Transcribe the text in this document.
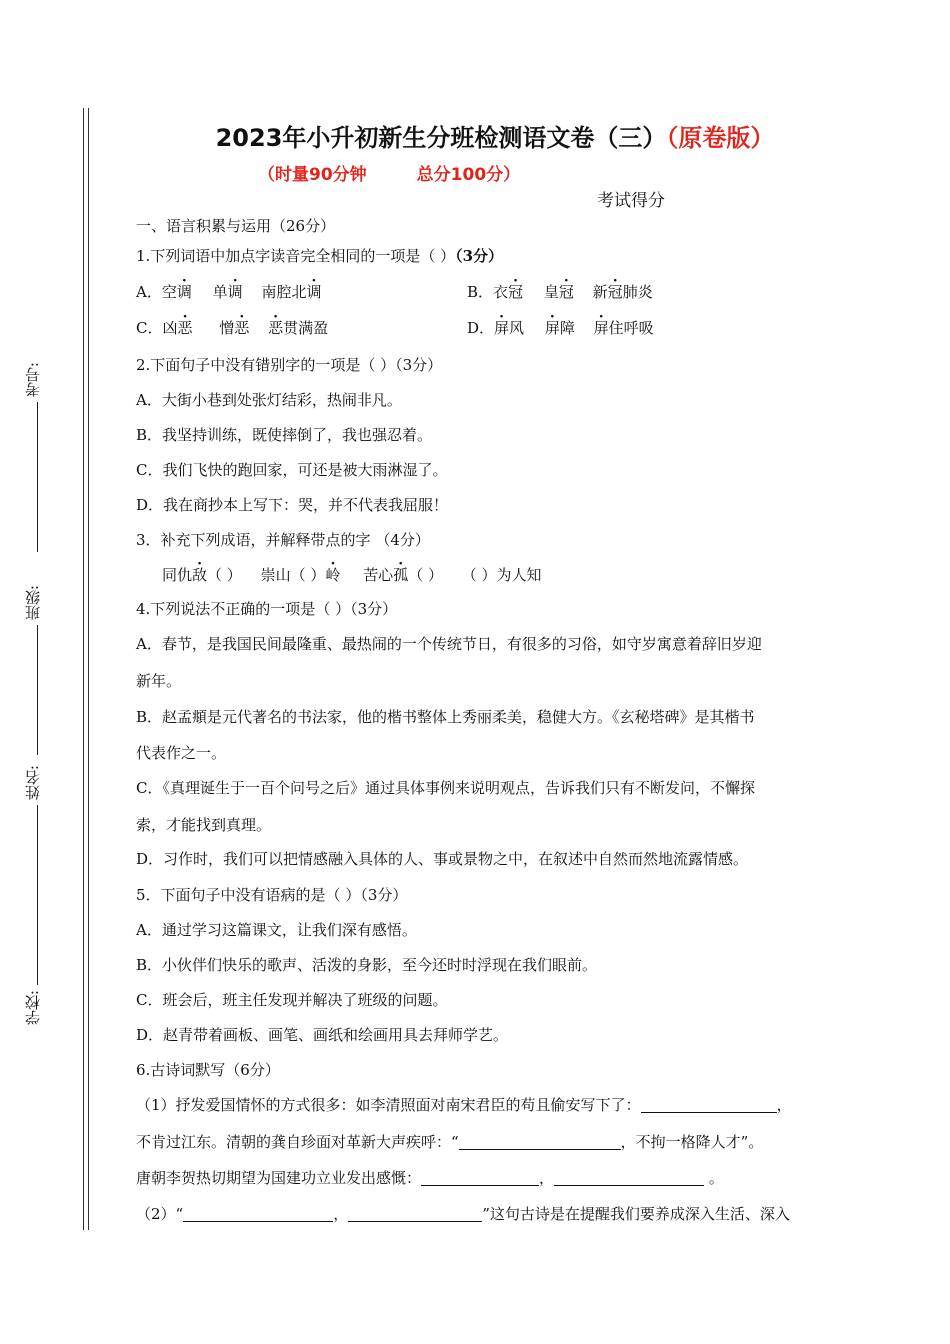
考号:
班级:
姓名:
学校:
2023年小升初新生分班检测语文卷（三）（原卷版）
（时量90分钟	总分100分）
考试得分
一、语言积累与运用（26分）
1.下列词语中加点字读音完全相同的一项是（ ）（3分）
A．空调 单调 南腔北调	B．衣冠 皇冠 新冠肺炎
C．凶恶 憎恶 恶贯满盈	D．屏风 屏障 屏住呼吸
2.下面句子中没有错别字的一项是（ ）（3分）
A．大街小巷到处张灯结彩，热闹非凡。
B．我坚持训练，既使摔倒了，我也强忍着。
C．我们飞快的跑回家，可还是被大雨淋湿了。
D．我在商抄本上写下：哭，并不代表我屈服！
3．补充下列成语，并解释带点的字 （4分）
同仇敌（ ） 崇山（ ）岭 苦心孤（ ） （ ）为人知
4.下列说法不正确的一项是（ ）（3分）
A．春节，是我国民间最隆重、最热闹的一个传统节日，有很多的习俗，如守岁寓意着辞旧岁迎
新年。
B．赵孟頫是元代著名的书法家，他的楷书整体上秀丽柔美，稳健大方。《玄秘塔碑》是其楷书
代表作之一。
C．《真理诞生于一百个问号之后》通过具体事例来说明观点，告诉我们只有不断发问，不懈探
索，才能找到真理。
D．习作时，我们可以把情感融入具体的人、事或景物之中，在叙述中自然而然地流露情感。
5．下面句子中没有语病的是（ ）（3分）
A．通过学习这篇课文，让我们深有感悟。
B．小伙伴们快乐的歌声、活泼的身影，至今还时时浮现在我们眼前。
C．班会后，班主任发现并解决了班级的问题。
D．赵青带着画板、画笔、画纸和绘画用具去拜师学艺。
6.古诗词默写（6分）
（1）抒发爱国情怀的方式很多：如李清照面对南宋君臣的苟且偷安写下了：	，
不肯过江东。清朝的龚自珍面对革新大声疾呼：“	，不拘一格降人才”。
唐朝李贺热切期望为国建功立业发出感慨：	，	。
（2）“	，	”这句古诗是在提醒我们要养成深入生活、深入
